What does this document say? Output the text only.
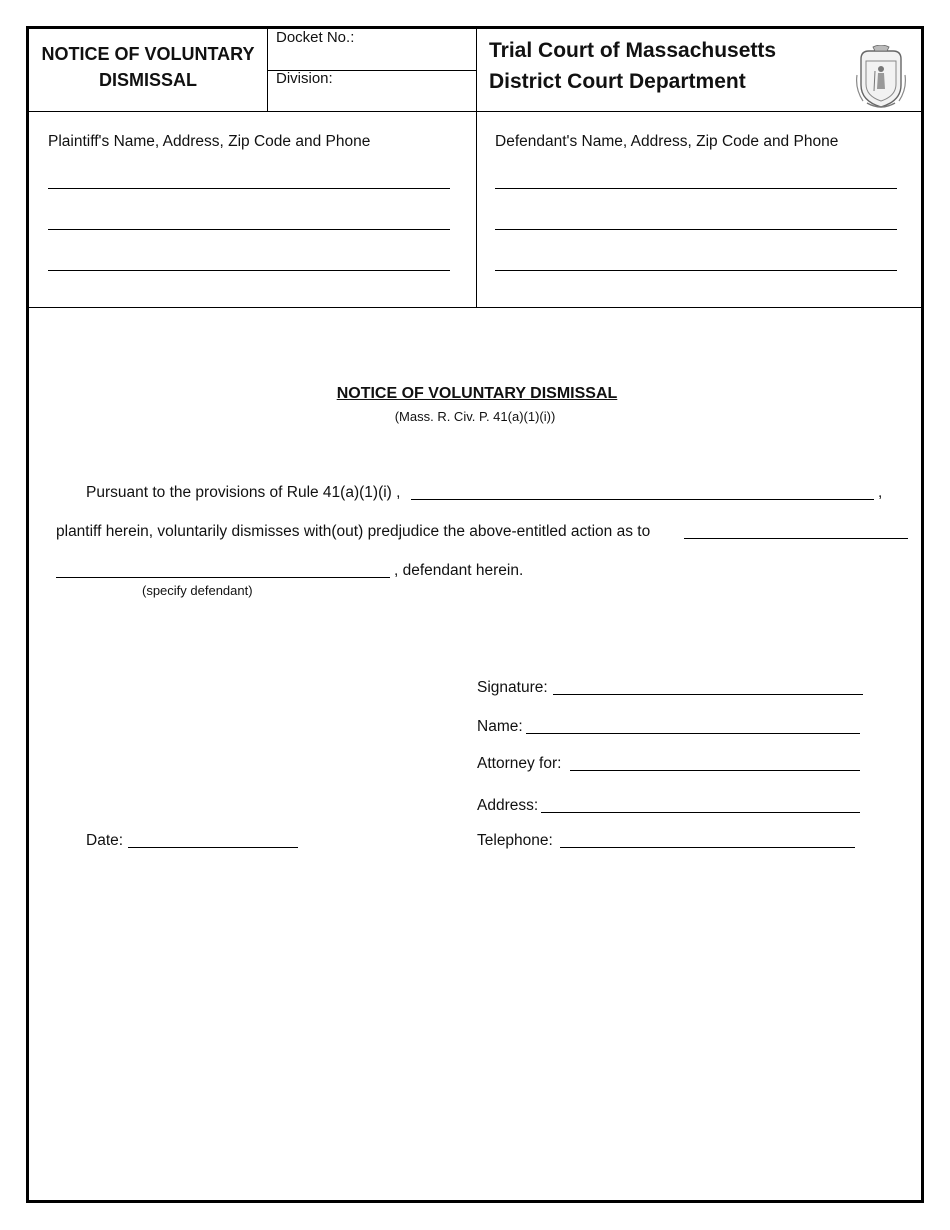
NOTICE OF VOLUNTARY
DISMISSAL
Docket No.:
Division:
Trial Court of Massachusetts
District Court Department
Plaintiff's Name, Address, Zip Code and Phone	Defendant's Name, Address, Zip Code and Phone
NOTICE OF VOLUNTARY DISMISSAL
(Mass. R. Civ. P. 41(a)(1)(i))
Pursuant to the provisions of Rule 41(a)(1)(i) ,	,
plantiff herein, voluntarily dismisses with(out) predjudice the above-entitled action as to
, defendant herein.
(specify defendant)
Signature:
Name:
Attorney for:
Address:
Telephone:
Date:
